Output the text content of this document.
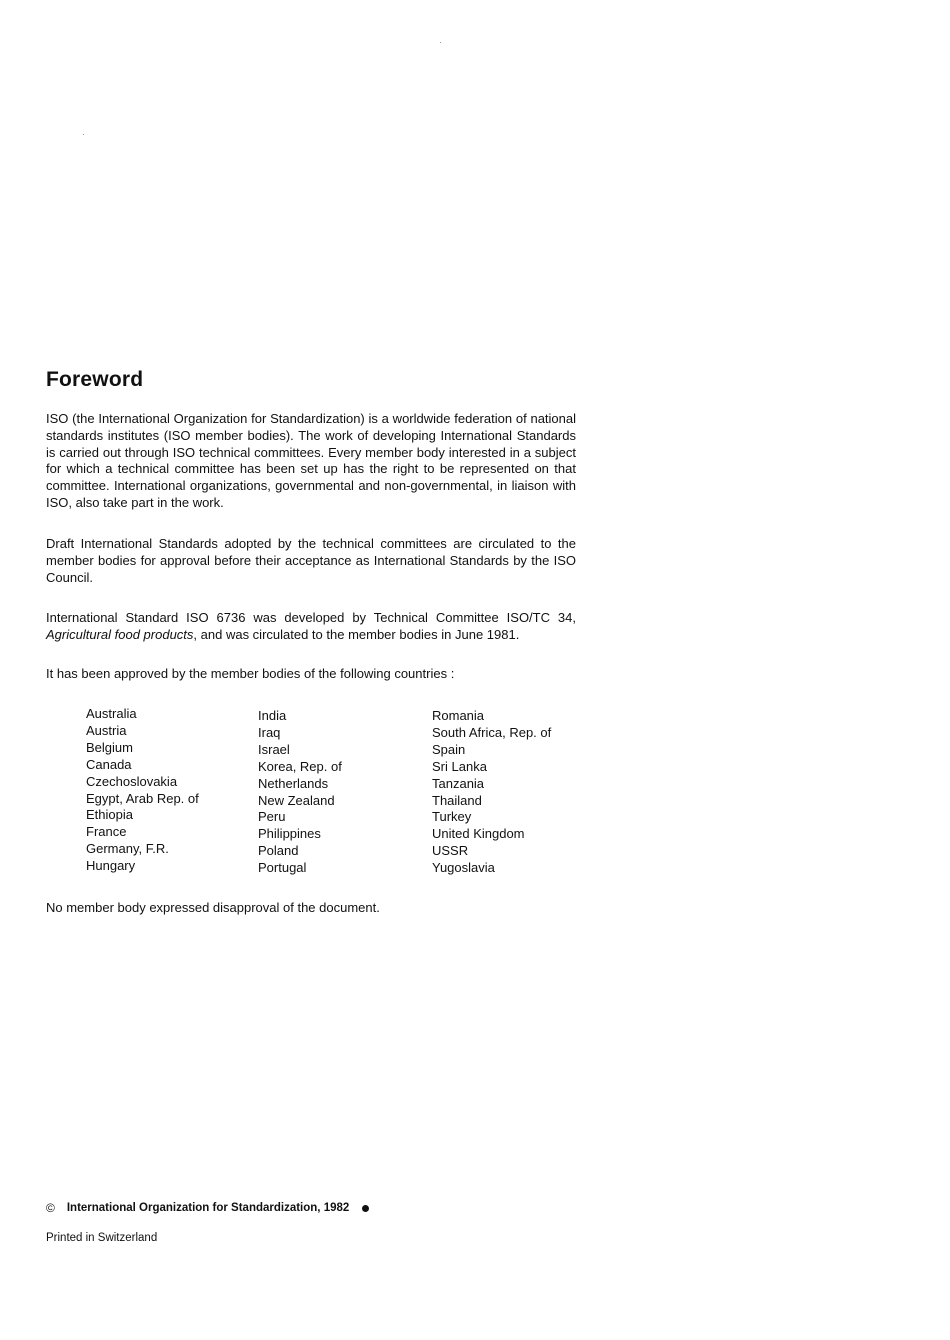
Foreword

ISO (the International Organization for Standardization) is a worldwide federation of national standards institutes (ISO member bodies). The work of developing International Standards is carried out through ISO technical committees. Every member body interested in a subject for which a technical committee has been set up has the right to be represented on that committee. International organizations, governmental and non-governmental, in liaison with ISO, also take part in the work.

Draft International Standards adopted by the technical committees are circulated to the member bodies for approval before their acceptance as International Standards by the ISO Council.

International Standard ISO 6736 was developed by Technical Committee ISO/TC 34, Agricultural food products, and was circulated to the member bodies in June 1981.

It has been approved by the member bodies of the following countries :

Australia
Austria
Belgium
Canada
Czechoslovakia
Egypt, Arab Rep. of
Ethiopia
France
Germany, F.R.
Hungary
India
Iraq
Israel
Korea, Rep. of
Netherlands
New Zealand
Peru
Philippines
Poland
Portugal
Romania
South Africa, Rep. of
Spain
Sri Lanka
Tanzania
Thailand
Turkey
United Kingdom
USSR
Yugoslavia

No member body expressed disapproval of the document.

© International Organization for Standardization, 1982
Printed in Switzerland
